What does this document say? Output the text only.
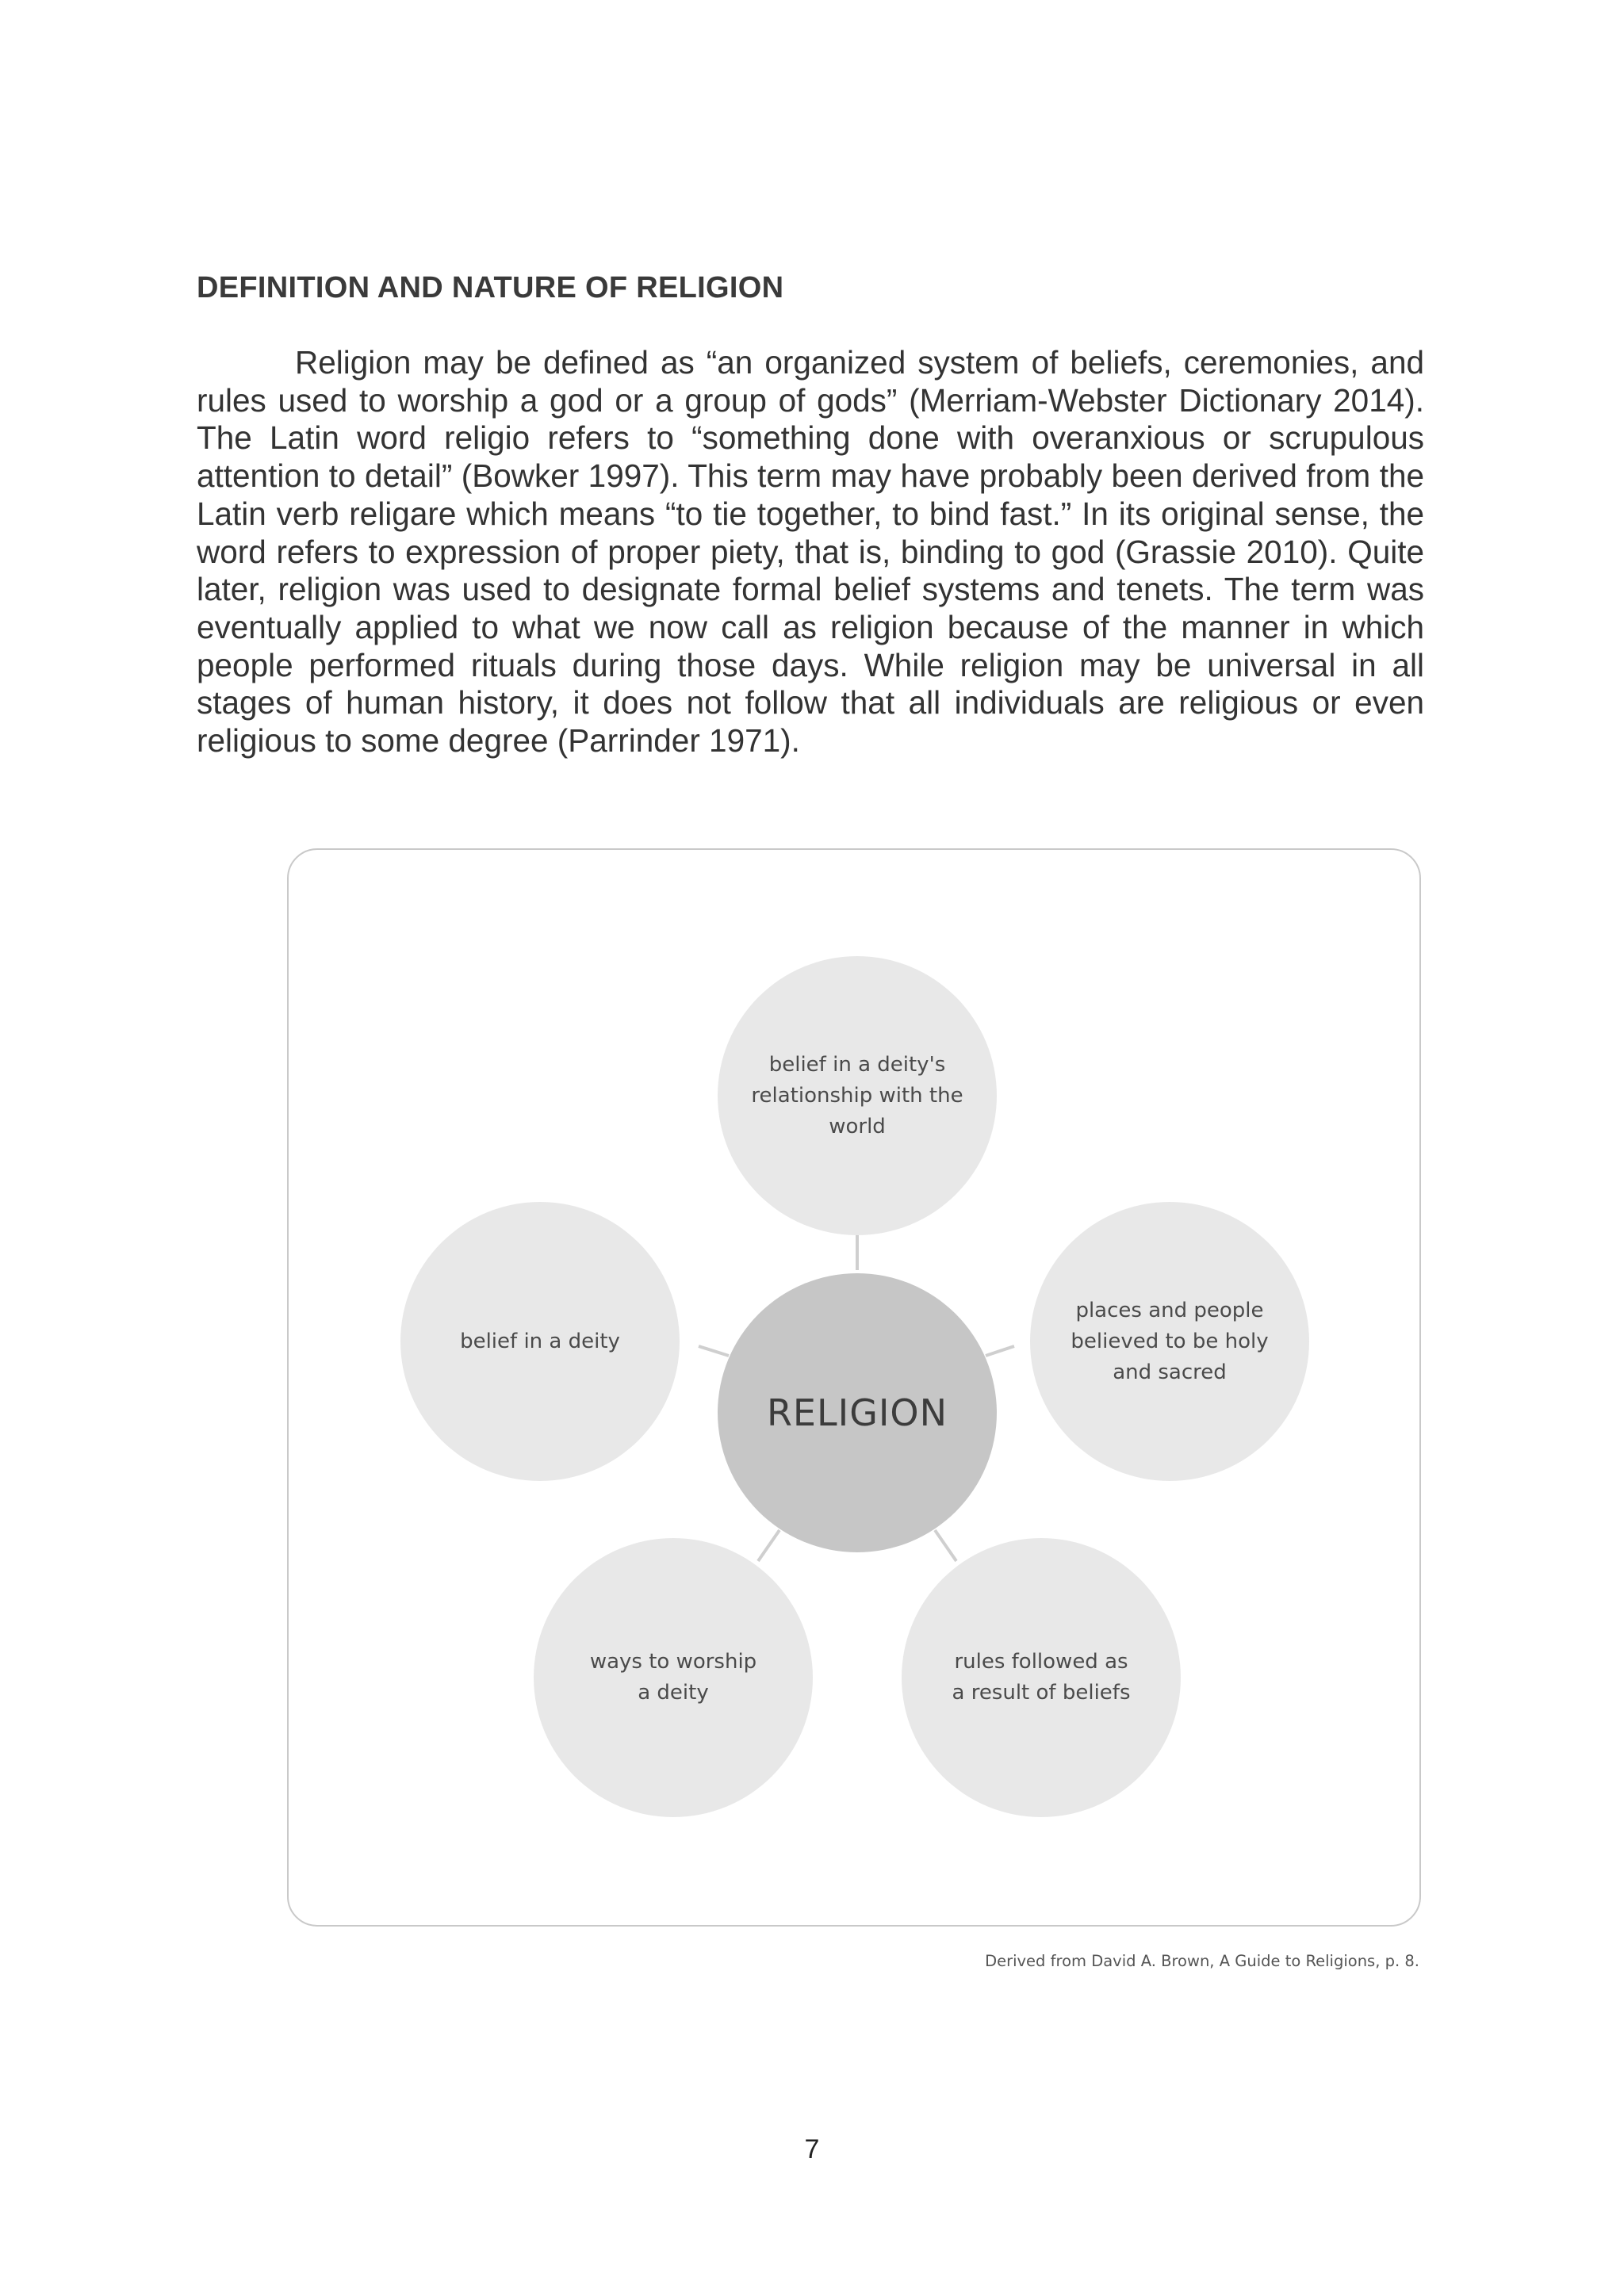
DEFINITION AND NATURE OF RELIGION

Religion may be defined as “an organized system of beliefs, ceremonies, and rules used to worship a god or a group of gods” (Merriam-Webster Dictionary 2014). The Latin word religio refers to “something done with overanxious or scrupulous attention to detail” (Bowker 1997). This term may have probably been derived from the Latin verb religare which means “to tie together, to bind fast.” In its original sense, the word refers to expression of proper piety, that is, binding to god (Grassie 2010). Quite later, religion was used to designate formal belief systems and tenets. The term was eventually applied to what we now call as religion because of the manner in which people performed rituals during those days. While religion may be universal in all stages of human history, it does not follow that all individuals are religious or even religious to some degree (Parrinder 1971).

RELIGION
belief in a deity's relationship with the world
places and people believed to be holy and sacred
rules followed as a result of beliefs
ways to worship a deity
belief in a deity
Derived from David A. Brown, A Guide to Religions, p. 8.
7
